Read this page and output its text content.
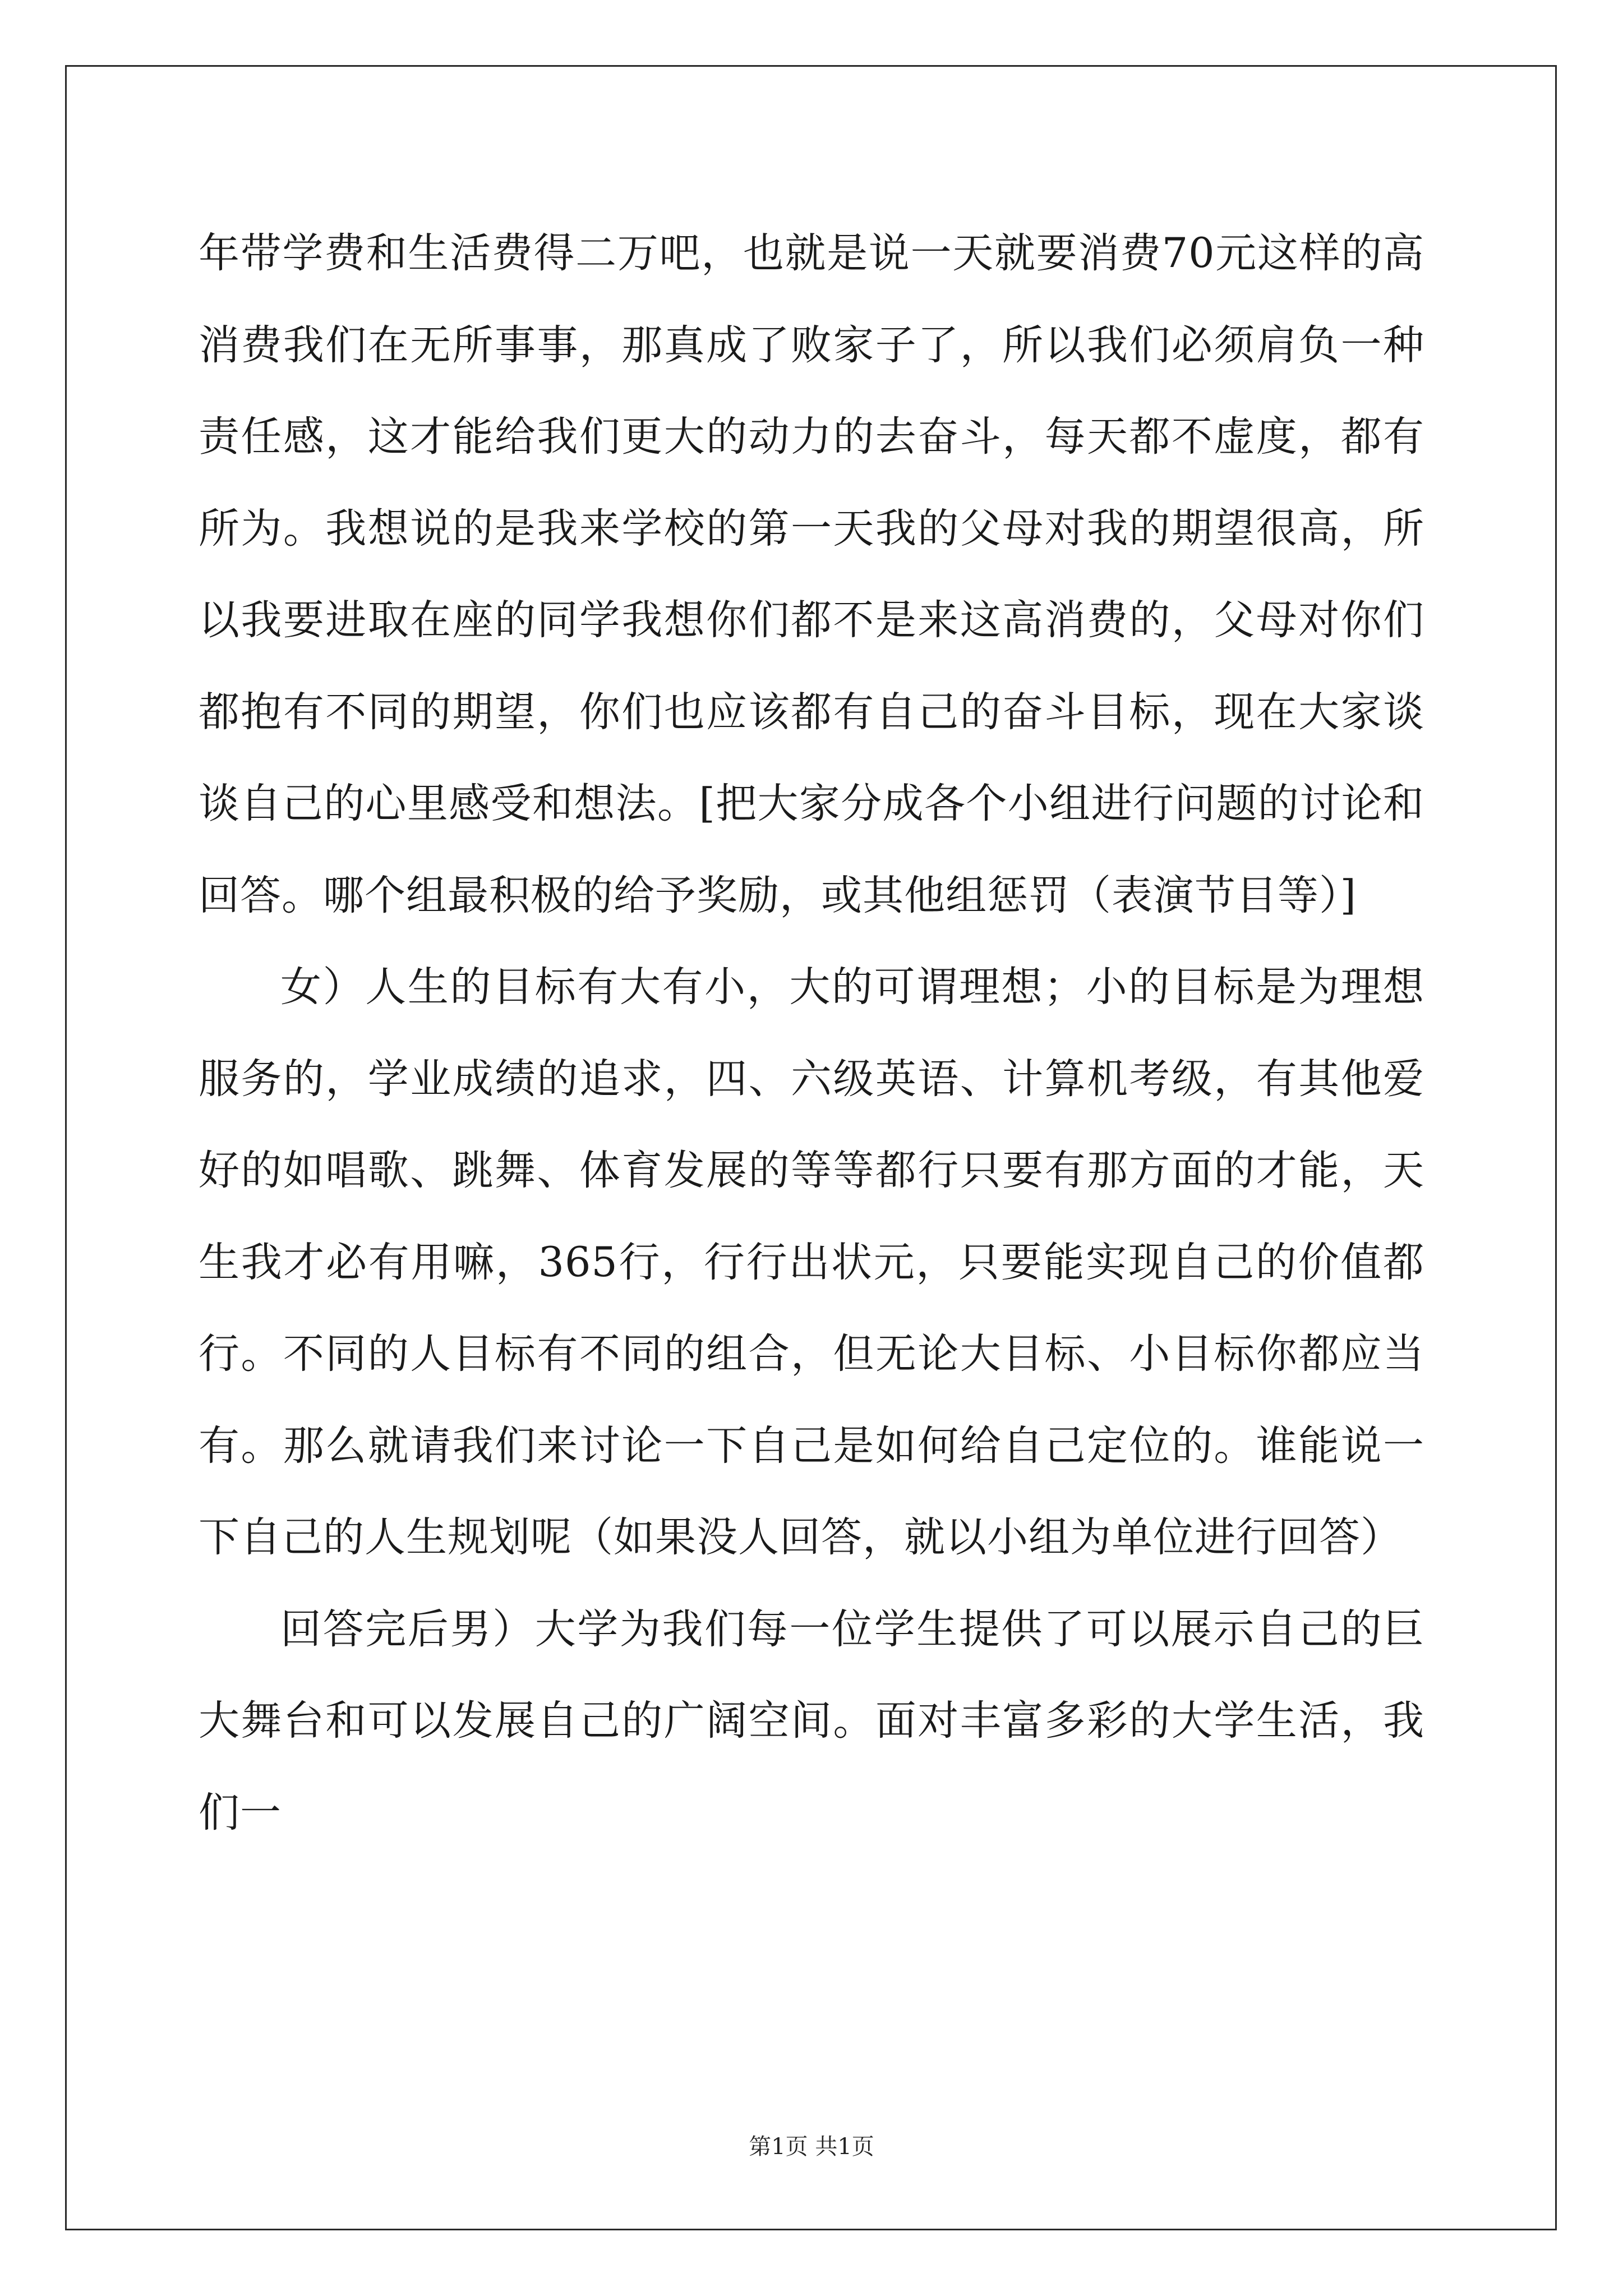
年带学费和生活费得二万吧，也就是说一天就要消费70元这样的高消费我们在无所事事，那真成了败家子了，所以我们必须肩负一种责任感，这才能给我们更大的动力的去奋斗，每天都不虚度，都有所为。我想说的是我来学校的第一天我的父母对我的期望很高，所以我要进取在座的同学我想你们都不是来这高消费的，父母对你们都抱有不同的期望，你们也应该都有自己的奋斗目标，现在大家谈谈自己的心里感受和想法。[把大家分成各个小组进行问题的讨论和回答。哪个组最积极的给予奖励，或其他组惩罚（表演节目等）]

女）人生的目标有大有小，大的可谓理想；小的目标是为理想服务的，学业成绩的追求，四、六级英语、计算机考级，有其他爱好的如唱歌、跳舞、体育发展的等等都行只要有那方面的才能，天生我才必有用嘛，365行，行行出状元，只要能实现自己的价值都行。不同的人目标有不同的组合，但无论大目标、小目标你都应当有。那么就请我们来讨论一下自己是如何给自己定位的。谁能说一下自己的人生规划呢（如果没人回答，就以小组为单位进行回答）

回答完后男）大学为我们每一位学生提供了可以展示自己的巨大舞台和可以发展自己的广阔空间。面对丰富多彩的大学生活，我们一

第1页 共1页
